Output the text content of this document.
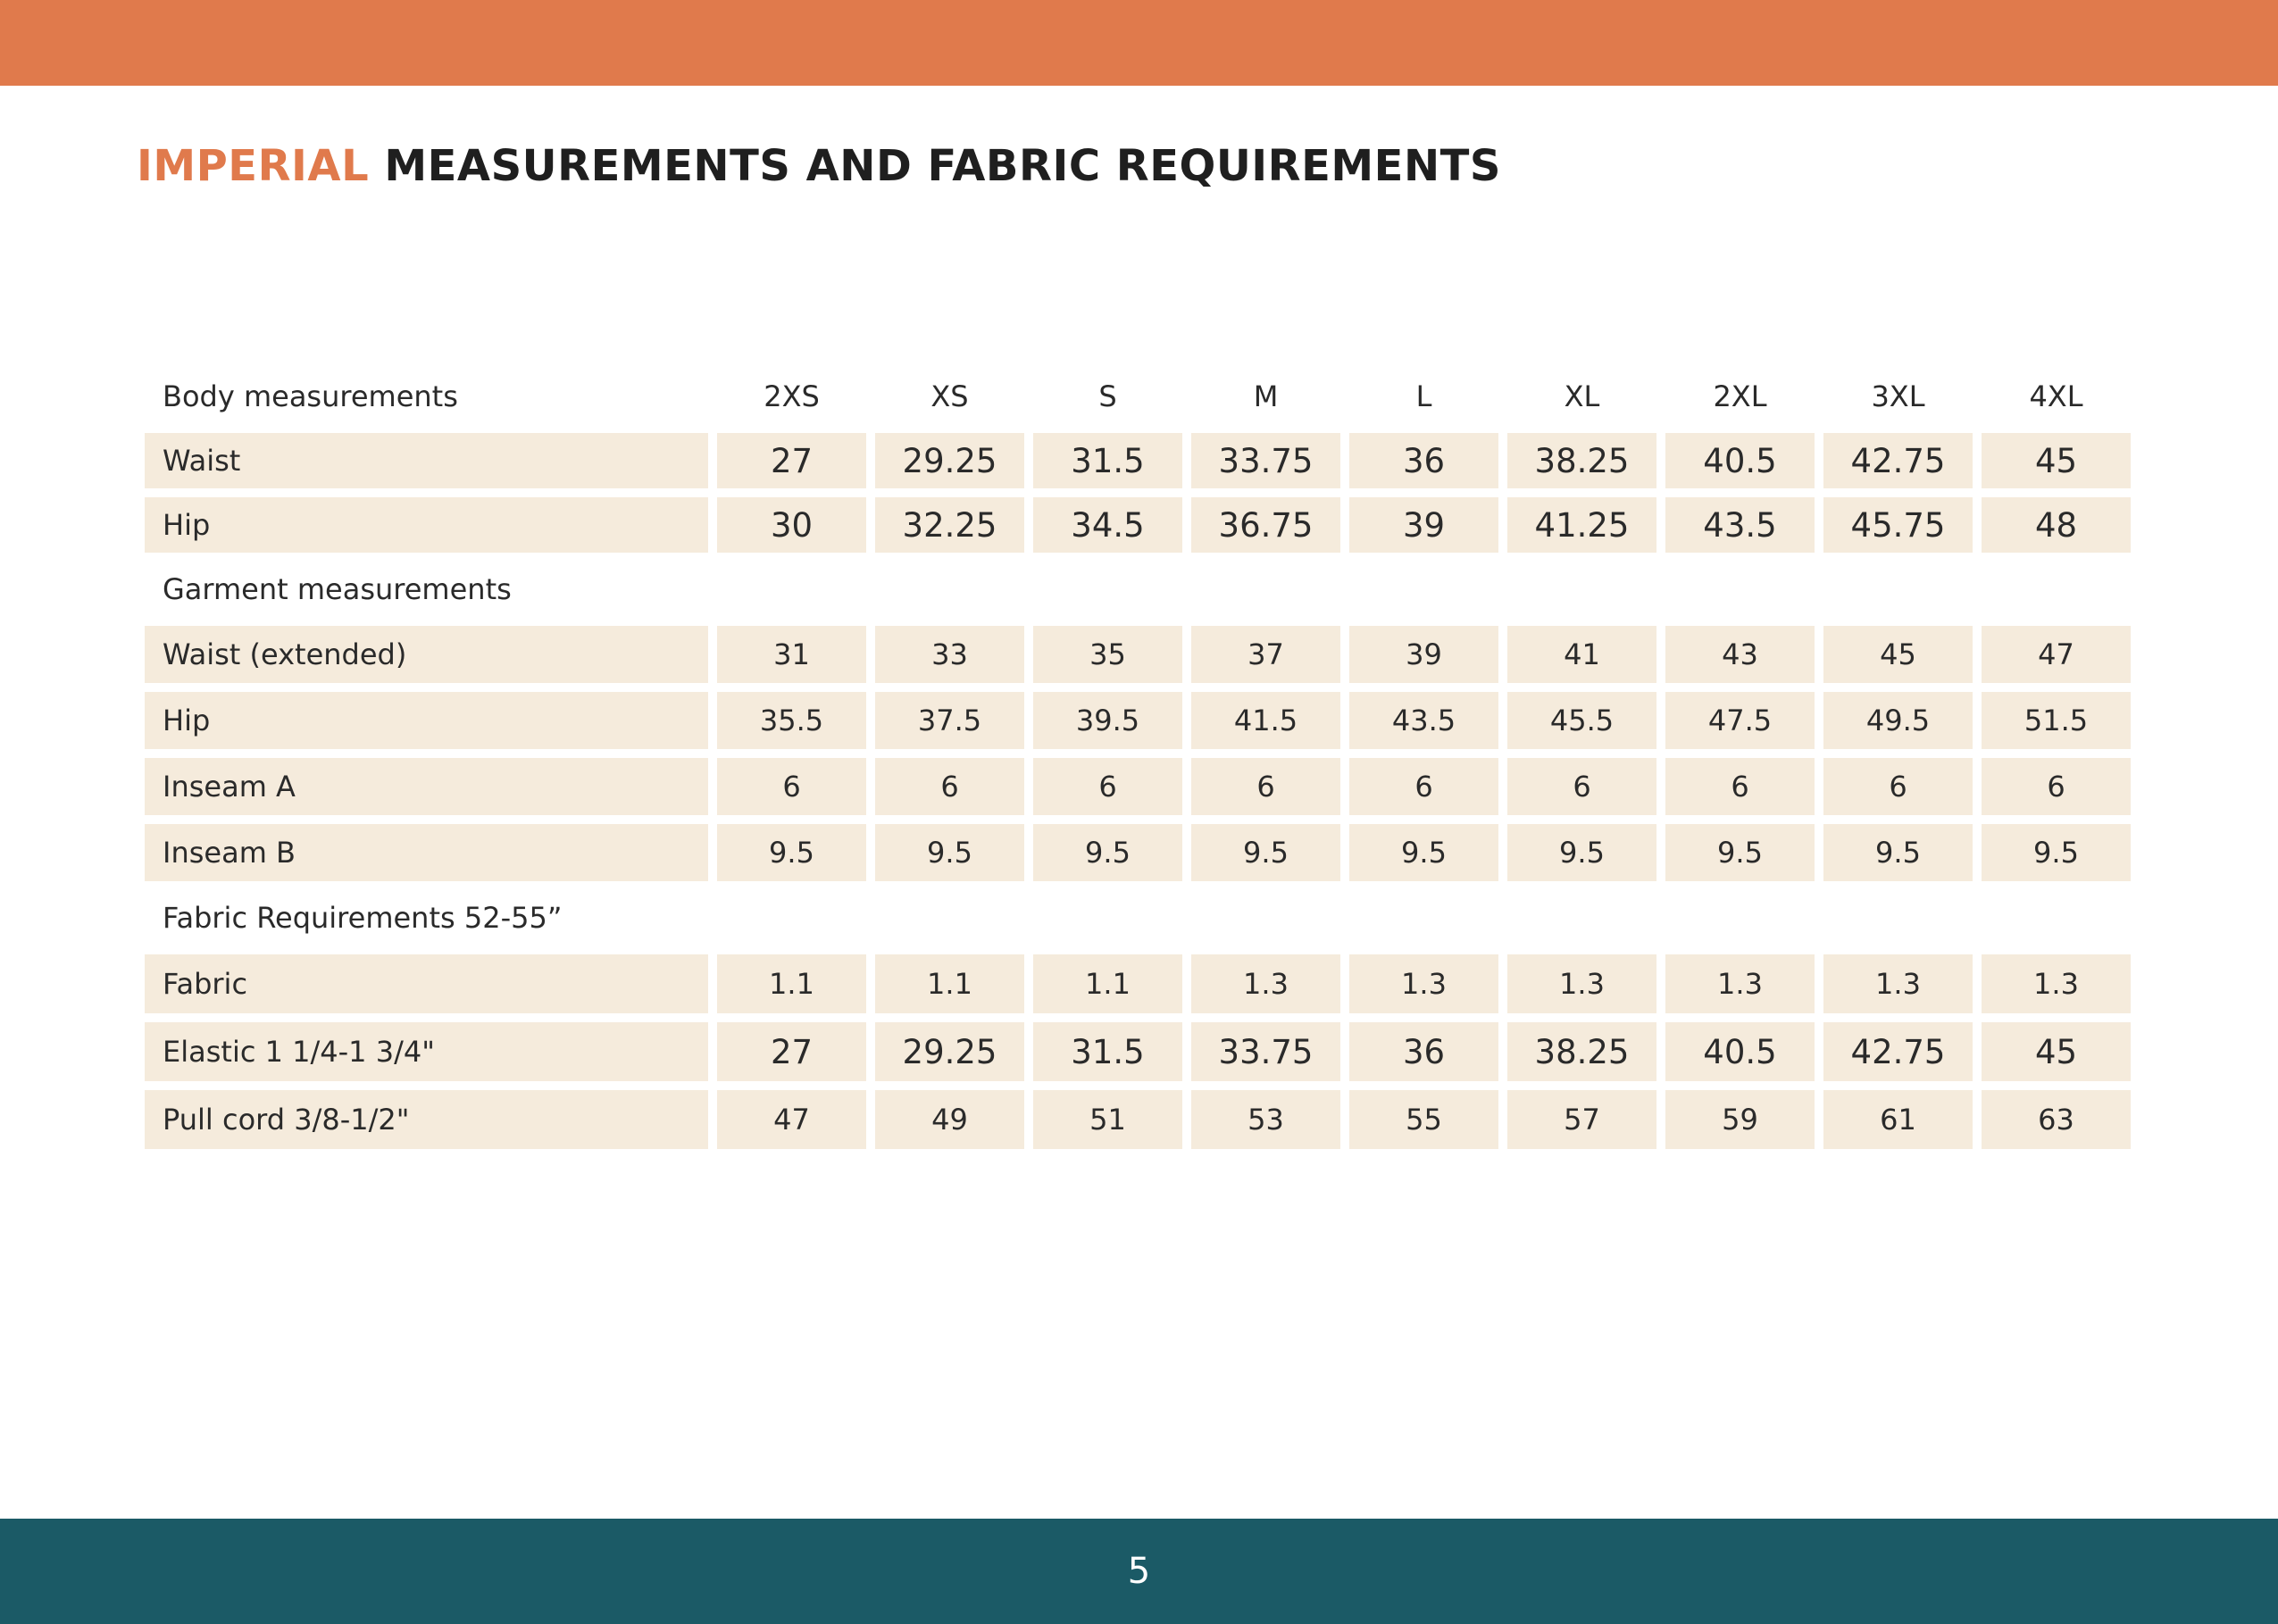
IMPERIAL MEASUREMENTS AND FABRIC REQUIREMENTS
Body measurements	2XS	XS	S	M	L	XL	2XL	3XL	4XL
Waist	27	29.25	31.5	33.75	36	38.25	40.5	42.75	45
Hip	30	32.25	34.5	36.75	39	41.25	43.5	45.75	48
Garment measurements
Waist (extended)	31	33	35	37	39	41	43	45	47
Hip	35.5	37.5	39.5	41.5	43.5	45.5	47.5	49.5	51.5
Inseam A	6	6	6	6	6	6	6	6	6
Inseam B	9.5	9.5	9.5	9.5	9.5	9.5	9.5	9.5	9.5
Fabric Requirements 52-55”
Fabric	1.1	1.1	1.1	1.3	1.3	1.3	1.3	1.3	1.3
Elastic 1 1/4-1 3/4"	27	29.25	31.5	33.75	36	38.25	40.5	42.75	45
Pull cord 3/8-1/2"	47	49	51	53	55	57	59	61	63
5
